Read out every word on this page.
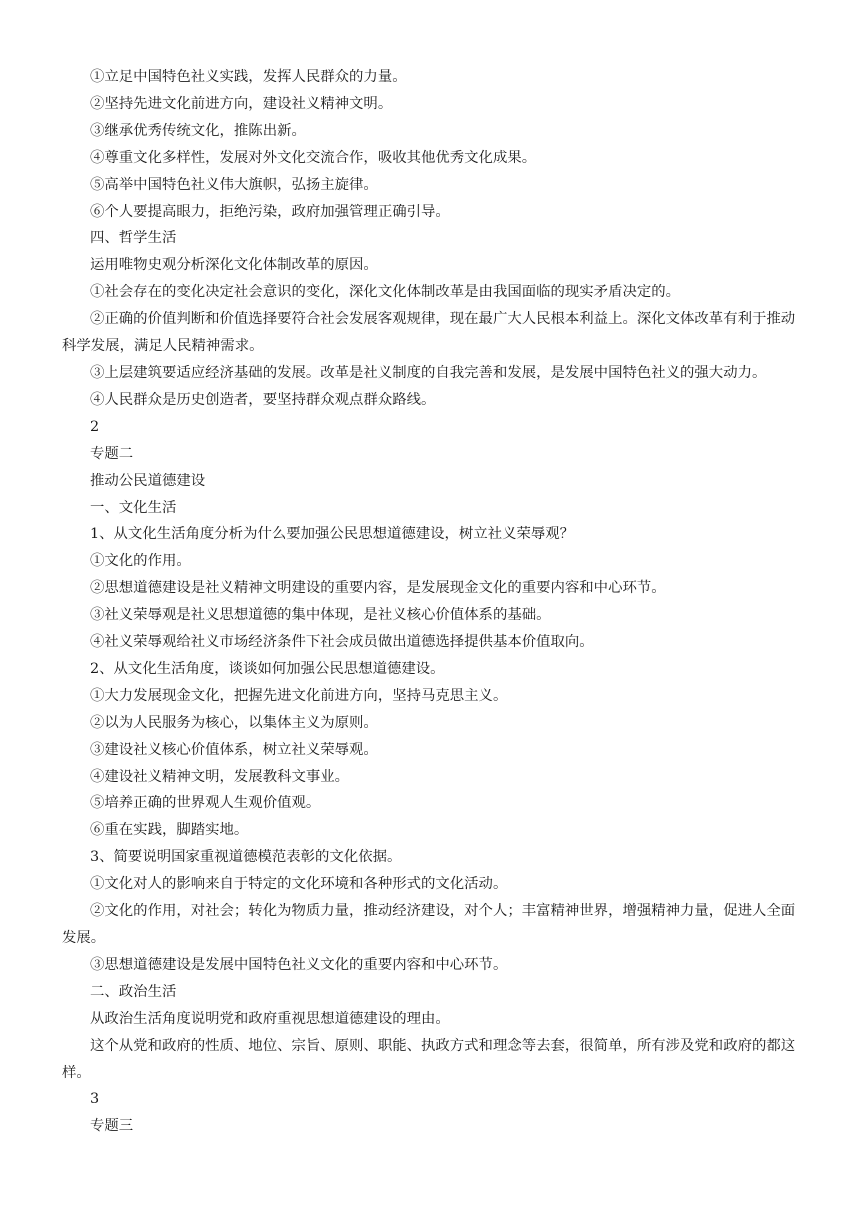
①立足中国特色社义实践，发挥人民群众的力量。

②坚持先进文化前进方向，建设社义精神文明。

③继承优秀传统文化，推陈出新。

④尊重文化多样性，发展对外文化交流合作，吸收其他优秀文化成果。

⑤高举中国特色社义伟大旗帜，弘扬主旋律。

⑥个人要提高眼力，拒绝污染，政府加强管理正确引导。

四、哲学生活

运用唯物史观分析深化文化体制改革的原因。

①社会存在的变化决定社会意识的变化，深化文化体制改革是由我国面临的现实矛盾决定的。

②正确的价值判断和价值选择要符合社会发展客观规律，现在最广大人民根本利益上。深化文体改革有利于推动科学发展，满足人民精神需求。

③上层建筑要适应经济基础的发展。改革是社义制度的自我完善和发展，是发展中国特色社义的强大动力。

④人民群众是历史创造者，要坚持群众观点群众路线。

2

专题二

推动公民道德建设

一、文化生活

1、从文化生活角度分析为什么要加强公民思想道德建设，树立社义荣辱观？

①文化的作用。

②思想道德建设是社义精神文明建设的重要内容，是发展现金文化的重要内容和中心环节。

③社义荣辱观是社义思想道德的集中体现，是社义核心价值体系的基础。

④社义荣辱观给社义市场经济条件下社会成员做出道德选择提供基本价值取向。

2、从文化生活角度，谈谈如何加强公民思想道德建设。

①大力发展现金文化，把握先进文化前进方向，坚持马克思主义。

②以为人民服务为核心，以集体主义为原则。

③建设社义核心价值体系，树立社义荣辱观。

④建设社义精神文明，发展教科文事业。

⑤培养正确的世界观人生观价值观。

⑥重在实践，脚踏实地。

3、简要说明国家重视道德模范表彰的文化依据。

①文化对人的影响来自于特定的文化环境和各种形式的文化活动。

②文化的作用，对社会；转化为物质力量，推动经济建设，对个人；丰富精神世界，增强精神力量，促进人全面发展。

③思想道德建设是发展中国特色社义文化的重要内容和中心环节。

二、政治生活

从政治生活角度说明党和政府重视思想道德建设的理由。

这个从党和政府的性质、地位、宗旨、原则、职能、执政方式和理念等去套，很简单，所有涉及党和政府的都这样。

3

专题三
